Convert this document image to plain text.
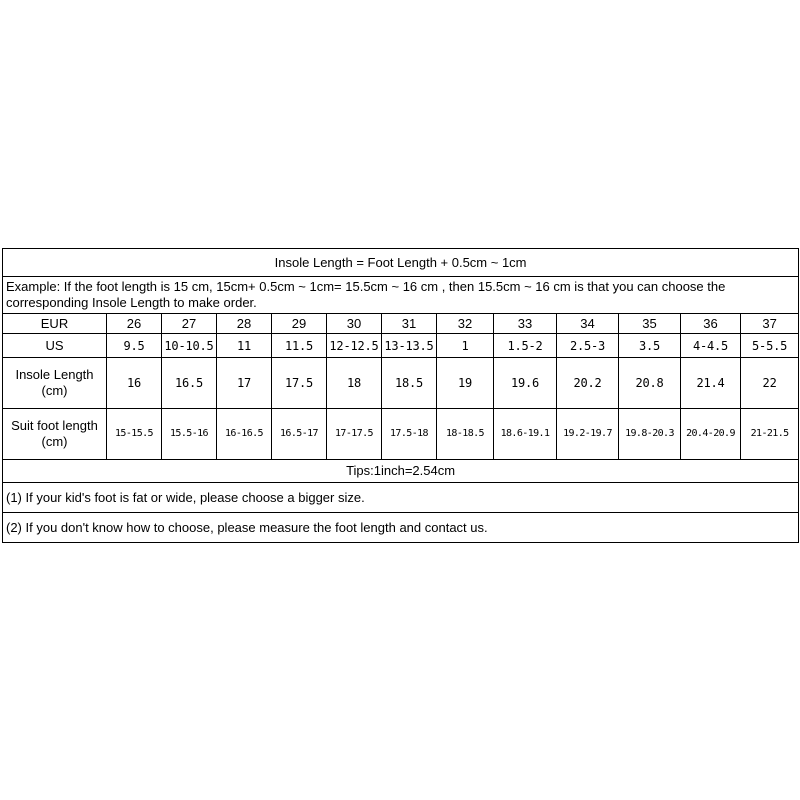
Insole Length = Foot Length + 0.5cm ~ 1cm												
Example: If the foot length is 15 cm, 15cm+ 0.5cm ~ 1cm= 15.5cm ~ 16 cm , then 15.5cm ~ 16 cm is that you can choose the corresponding Insole Length to make order.												
EUR	26	27	28	29	30	31	32	33	34	35	36	37
US	9.5	10-10.5	11	11.5	12-12.5	13-13.5	1	1.5-2	2.5-3	3.5	4-4.5	5-5.5
Insole Length (cm)	16	16.5	17	17.5	18	18.5	19	19.6	20.2	20.8	21.4	22
Suit foot length (cm)	15-15.5	15.5-16	16-16.5	16.5-17	17-17.5	17.5-18	18-18.5	18.6-19.1	19.2-19.7	19.8-20.3	20.4-20.9	21-21.5
Tips:1inch=2.54cm												
(1) If your kid's foot is fat or wide, please choose a bigger size.												
(2) If you don't know how to choose, please measure the foot length and contact us.												
